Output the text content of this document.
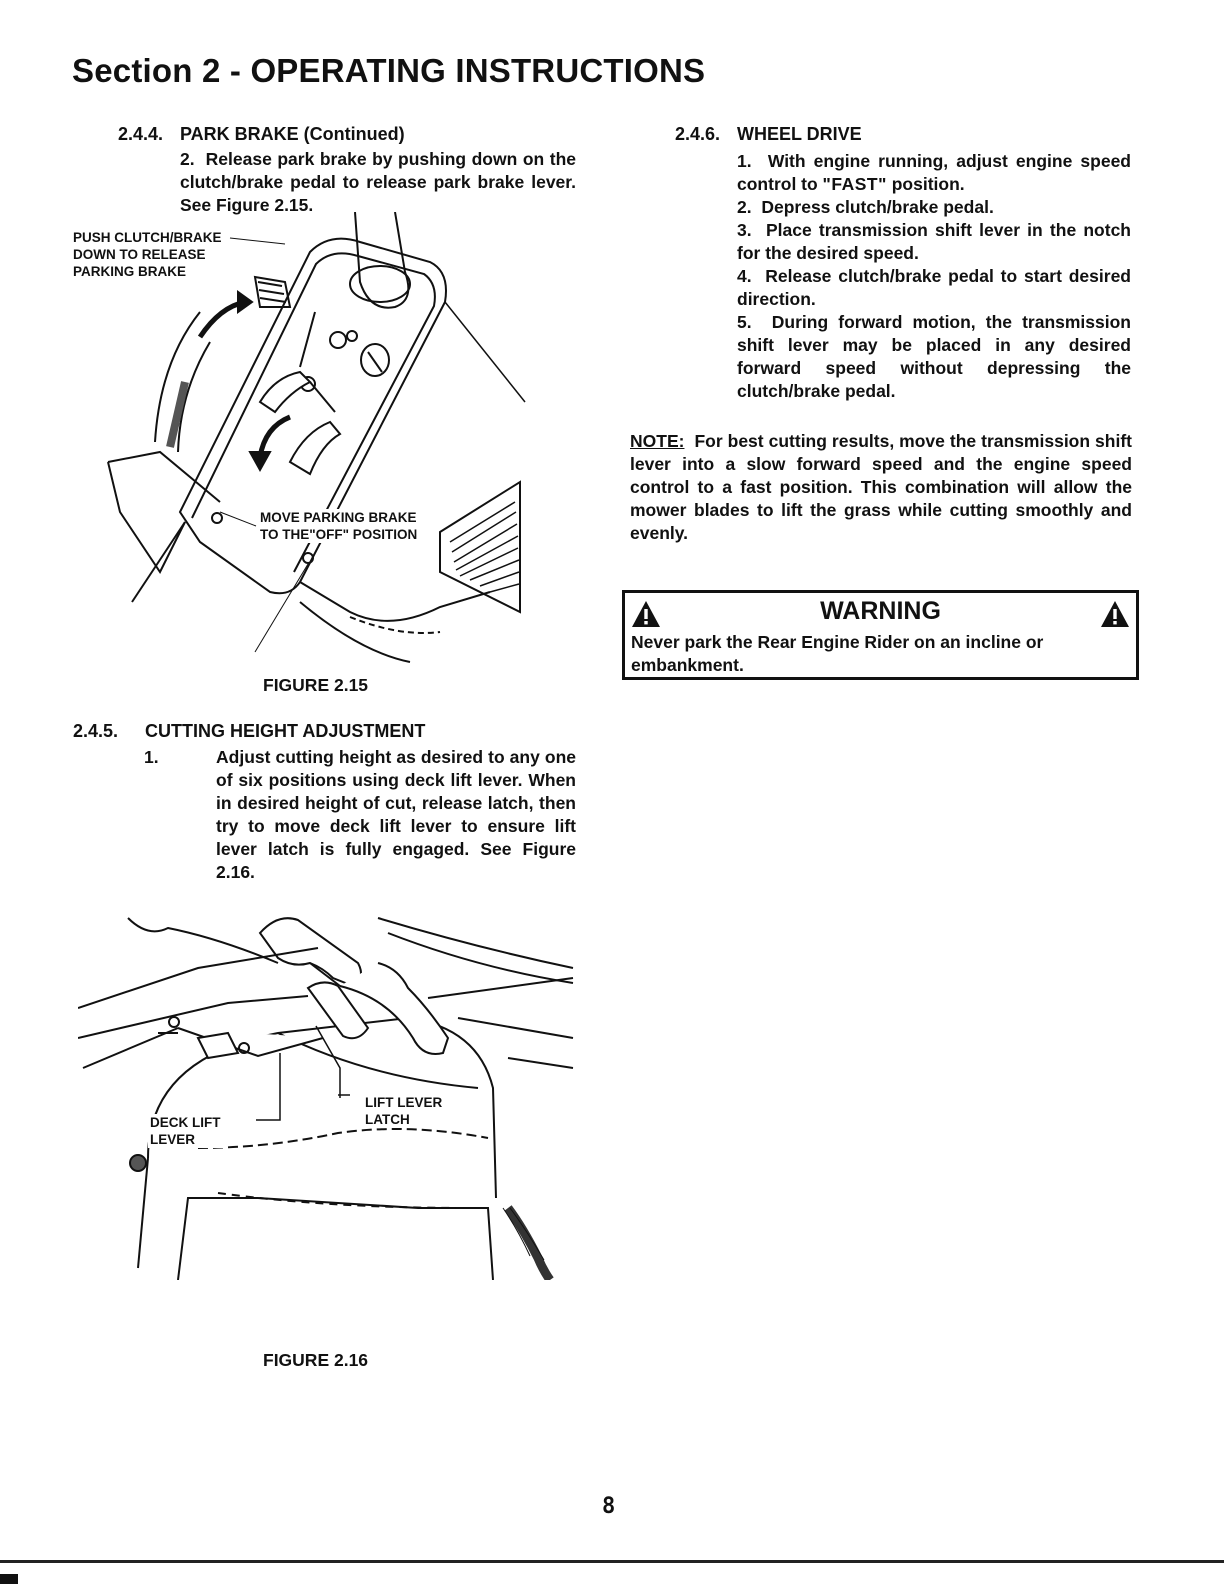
Section 2 - OPERATING INSTRUCTIONS
2.4.4. PARK BRAKE (Continued)

2. Release park brake by pushing down on the clutch/brake pedal to release park brake lever. See Figure 2.15.

PUSH CLUTCH/BRAKE
DOWN TO RELEASE
PARKING BRAKE
MOVE PARKING BRAKE
TO THE"OFF" POSITION
FIGURE 2.15
2.4.5. CUTTING HEIGHT ADJUSTMENT

1.	Adjust cutting height as desired to any one of six positions using deck lift lever. When in desired height of cut, release latch, then try to move deck lift lever to ensure lift lever latch is fully engaged. See Figure 2.16.

DECK LIFT
LEVER
LIFT LEVER
LATCH
FIGURE 2.16
2.4.6. WHEEL DRIVE

1. With engine running, adjust engine speed control to "FAST" position.

2. Depress clutch/brake pedal.

3. Place transmission shift lever in the notch for the desired speed.

4. Release clutch/brake pedal to start desired direction.

5. During forward motion, the transmission shift lever may be placed in any desired forward speed without depressing the clutch/brake pedal.

NOTE: For best cutting results, move the transmission shift lever into a slow forward speed and the engine speed control to a fast position. This combination will allow the mower blades to lift the grass while cutting smoothly and evenly.

WARNING
Never park the Rear Engine Rider on an incline or embankment.
8
